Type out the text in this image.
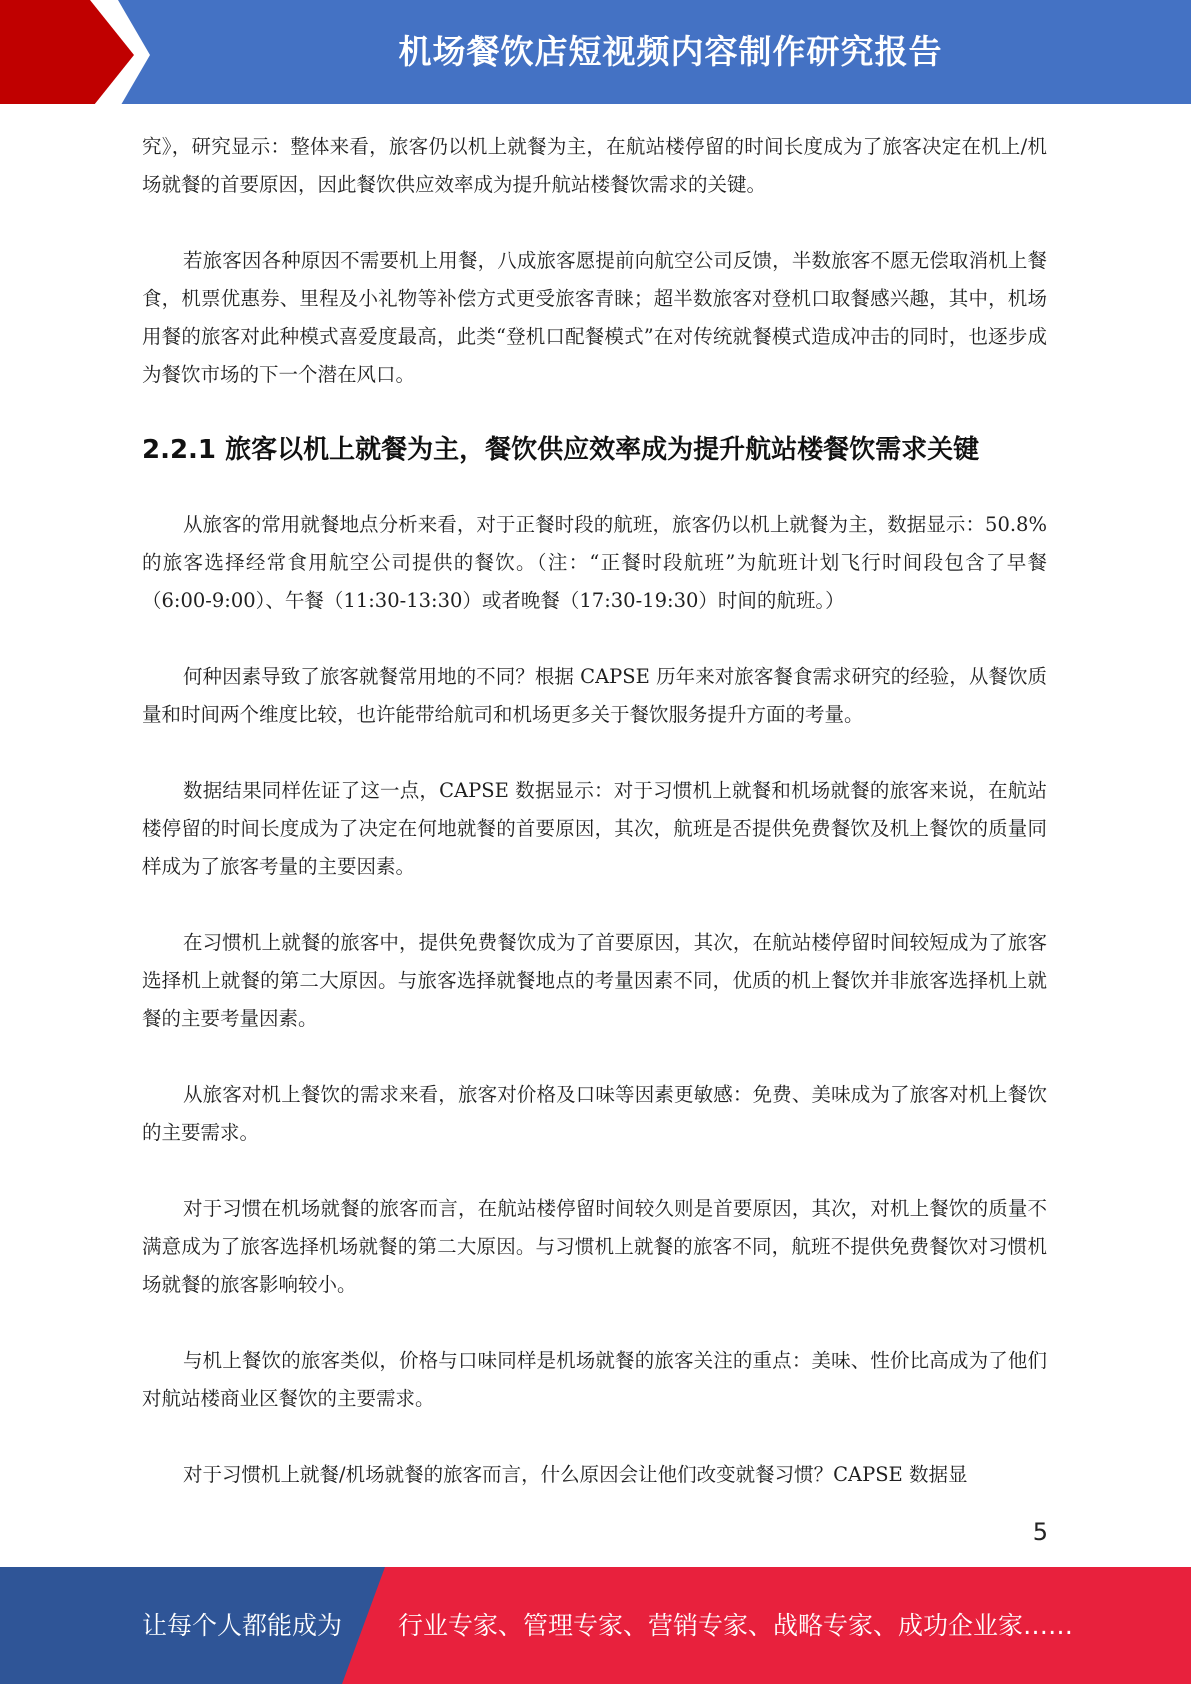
机场餐饮店短视频内容制作研究报告

究》，研究显示：整体来看，旅客仍以机上就餐为主，在航站楼停留的时间长度成为了旅客决定在机上/机场就餐的首要原因，因此餐饮供应效率成为提升航站楼餐饮需求的关键。

若旅客因各种原因不需要机上用餐，八成旅客愿提前向航空公司反馈，半数旅客不愿无偿取消机上餐食，机票优惠券、里程及小礼物等补偿方式更受旅客青睐；超半数旅客对登机口取餐感兴趣，其中，机场用餐的旅客对此种模式喜爱度最高，此类“登机口配餐模式”在对传统就餐模式造成冲击的同时，也逐步成为餐饮市场的下一个潜在风口。

2.2.1 旅客以机上就餐为主，餐饮供应效率成为提升航站楼餐饮需求关键

从旅客的常用就餐地点分析来看，对于正餐时段的航班，旅客仍以机上就餐为主，数据显示：50.8%的旅客选择经常食用航空公司提供的餐饮。（注：“正餐时段航班”为航班计划飞行时间段包含了早餐（6:00-9:00）、午餐（11:30-13:30）或者晚餐（17:30-19:30）时间的航班。）

何种因素导致了旅客就餐常用地的不同？根据 CAPSE 历年来对旅客餐食需求研究的经验，从餐饮质量和时间两个维度比较，也许能带给航司和机场更多关于餐饮服务提升方面的考量。

数据结果同样佐证了这一点，CAPSE 数据显示：对于习惯机上就餐和机场就餐的旅客来说，在航站楼停留的时间长度成为了决定在何地就餐的首要原因，其次，航班是否提供免费餐饮及机上餐饮的质量同样成为了旅客考量的主要因素。

在习惯机上就餐的旅客中，提供免费餐饮成为了首要原因，其次，在航站楼停留时间较短成为了旅客选择机上就餐的第二大原因。与旅客选择就餐地点的考量因素不同，优质的机上餐饮并非旅客选择机上就餐的主要考量因素。

从旅客对机上餐饮的需求来看，旅客对价格及口味等因素更敏感：免费、美味成为了旅客对机上餐饮的主要需求。

对于习惯在机场就餐的旅客而言，在航站楼停留时间较久则是首要原因，其次，对机上餐饮的质量不满意成为了旅客选择机场就餐的第二大原因。与习惯机上就餐的旅客不同，航班不提供免费餐饮对习惯机场就餐的旅客影响较小。

与机上餐饮的旅客类似，价格与口味同样是机场就餐的旅客关注的重点：美味、性价比高成为了他们对航站楼商业区餐饮的主要需求。

对于习惯机上就餐/机场就餐的旅客而言，什么原因会让他们改变就餐习惯？CAPSE 数据显

5
让每个人都能成为 行业专家、管理专家、营销专家、战略专家、成功企业家……
